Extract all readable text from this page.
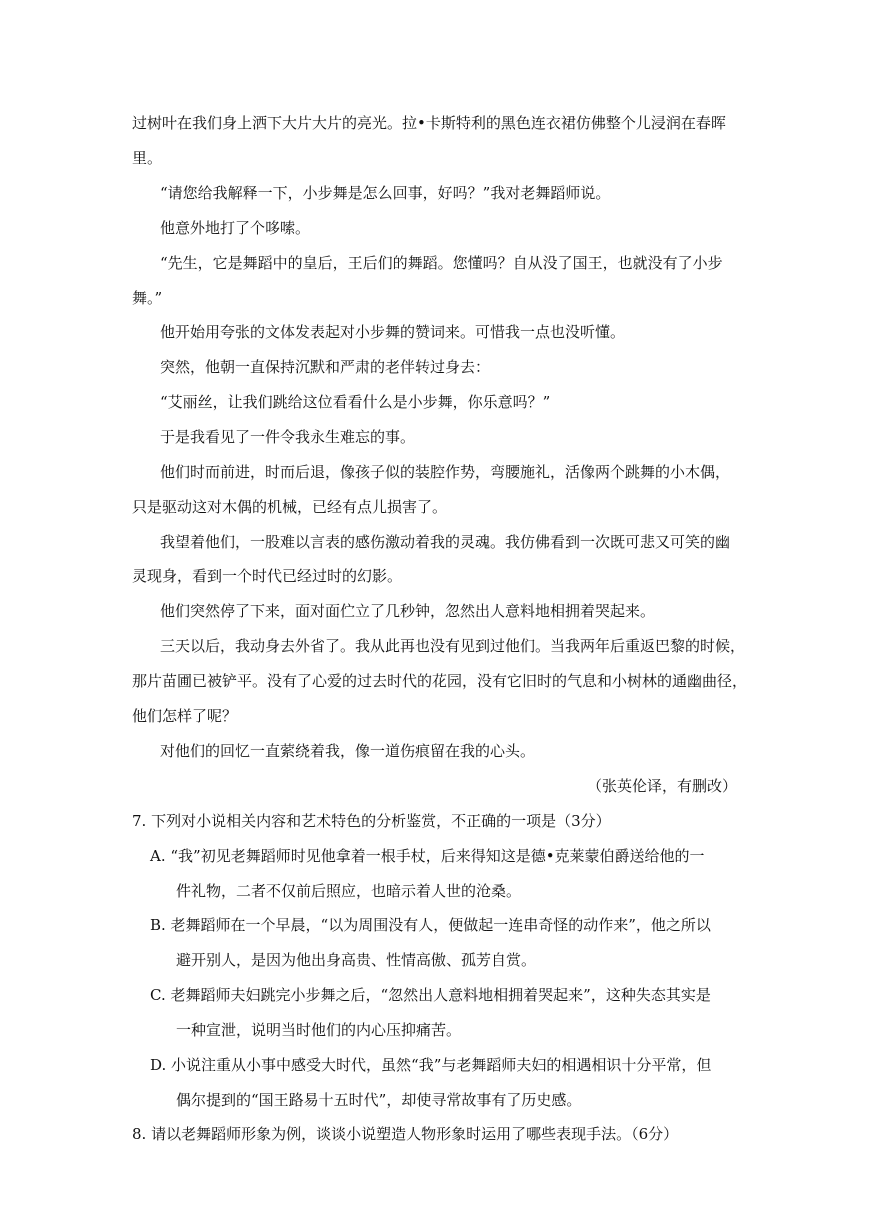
过树叶在我们身上洒下大片大片的亮光。拉•卡斯特利的黑色连衣裙仿佛整个儿浸润在春晖
里。
“请您给我解释一下，小步舞是怎么回事，好吗？”我对老舞蹈师说。
他意外地打了个哆嗦。
“先生，它是舞蹈中的皇后，王后们的舞蹈。您懂吗？自从没了国王，也就没有了小步
舞。”
他开始用夸张的文体发表起对小步舞的赞词来。可惜我一点也没听懂。
突然，他朝一直保持沉默和严肃的老伴转过身去：
“艾丽丝，让我们跳给这位看看什么是小步舞，你乐意吗？”
于是我看见了一件令我永生难忘的事。
他们时而前进，时而后退，像孩子似的装腔作势，弯腰施礼，活像两个跳舞的小木偶，
只是驱动这对木偶的机械，已经有点儿损害了。
我望着他们，一股难以言表的感伤激动着我的灵魂。我仿佛看到一次既可悲又可笑的幽
灵现身，看到一个时代已经过时的幻影。
他们突然停了下来，面对面伫立了几秒钟，忽然出人意料地相拥着哭起来。
三天以后，我动身去外省了。我从此再也没有见到过他们。当我两年后重返巴黎的时候，
那片苗圃已被铲平。没有了心爱的过去时代的花园，没有它旧时的气息和小树林的通幽曲径，
他们怎样了呢？
对他们的回忆一直萦绕着我，像一道伤痕留在我的心头。
（张英伦译，有删改）
7. 下列对小说相关内容和艺术特色的分析鉴赏，不正确的一项是（3分）
A. “我”初见老舞蹈师时见他拿着一根手杖，后来得知这是德•克莱蒙伯爵送给他的一
件礼物，二者不仅前后照应，也暗示着人世的沧桑。
B. 老舞蹈师在一个早晨，“以为周围没有人，便做起一连串奇怪的动作来”，他之所以
避开别人，是因为他出身高贵、性情高傲、孤芳自赏。
C. 老舞蹈师夫妇跳完小步舞之后，“忽然出人意料地相拥着哭起来”，这种失态其实是
一种宣泄，说明当时他们的内心压抑痛苦。
D. 小说注重从小事中感受大时代，虽然“我”与老舞蹈师夫妇的相遇相识十分平常，但
偶尔提到的“国王路易十五时代”，却使寻常故事有了历史感。
8. 请以老舞蹈师形象为例，谈谈小说塑造人物形象时运用了哪些表现手法。（6分）
